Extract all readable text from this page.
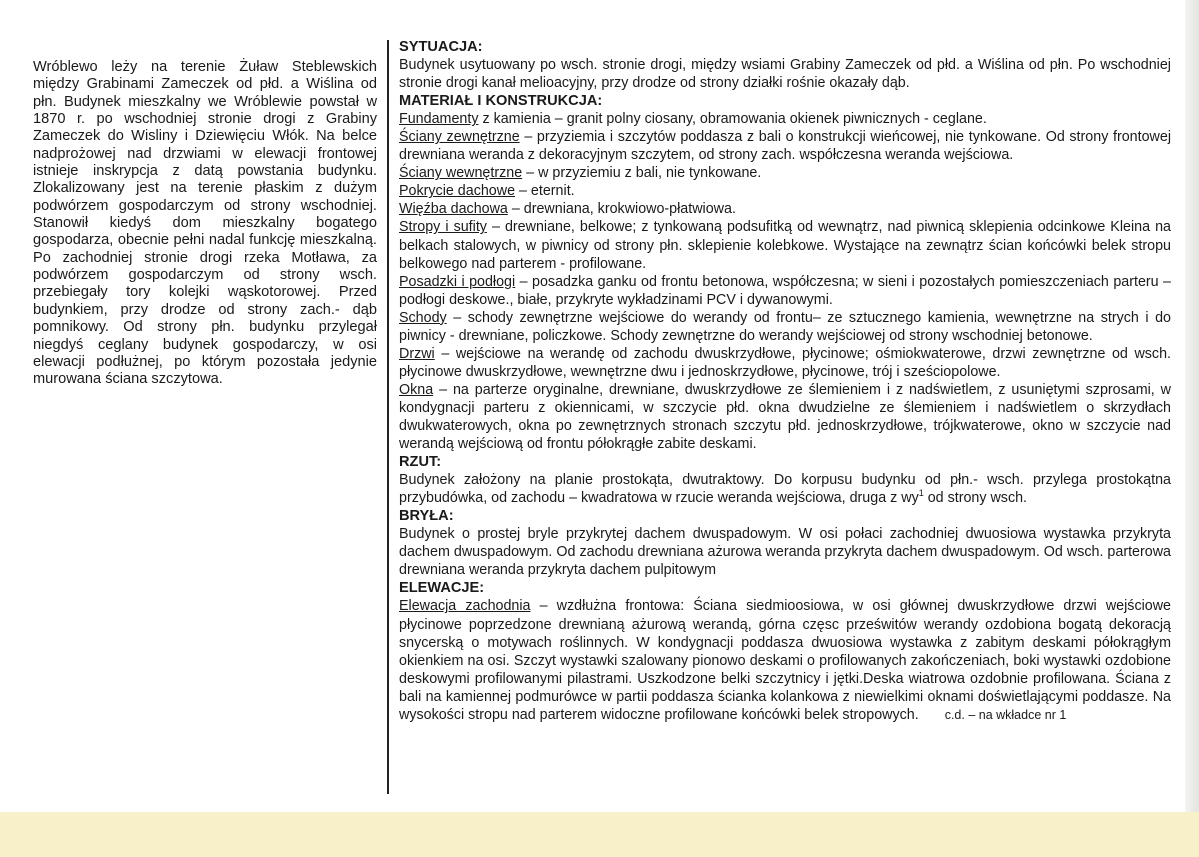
Wróblewo leży na terenie Żuław Steblewskich między Grabinami Zameczek od płd. a Wiślina od płn. Budynek mieszkalny we Wróblewie powstał w 1870 r. po wschodniej stronie drogi z Grabiny Zameczek do Wisliny i Dziewięciu Włók. Na belce nadprożowej nad drzwiami w elewacji frontowej istnieje inskrypcja z datą powstania budynku. Zlokalizowany jest na terenie płaskim z dużym podwórzem gospodarczym od strony wschodniej. Stanowił kiedyś dom mieszkalny bogatego gospodarza, obecnie pełni nadal funkcję mieszkalną. Po zachodniej stronie drogi rzeka Motława, za podwórzem gospodarczym od strony wsch. przebiegały tory kolejki wąskotorowej. Przed budynkiem, przy drodze od strony zach.- dąb pomnikowy. Od strony płn. budynku przylegał niegdyś ceglany budynek gospodarczy, w osi elewacji podłużnej, po którym pozostała jedynie murowana ściana szczytowa.

SYTUACJA:

Budynek usytuowany po wsch. stronie drogi, między wsiami Grabiny Zameczek od płd. a Wiślina od płn. Po wschodniej stronie drogi kanał melioacyjny, przy drodze od strony działki rośnie okazały dąb.

MATERIAŁ I KONSTRUKCJA:

Fundamenty z kamienia – granit polny ciosany, obramowania okienek piwnicznych - ceglane.

Ściany zewnętrzne – przyziemia i szczytów poddasza z bali o konstrukcji wieńcowej, nie tynkowane. Od strony frontowej drewniana weranda z dekoracyjnym szczytem, od strony zach. współczesna weranda wejściowa.

Ściany wewnętrzne – w przyziemiu z bali, nie tynkowane.

Pokrycie dachowe – eternit.

Więźba dachowa – drewniana, krokwiowo-płatwiowa.

Stropy i sufity – drewniane, belkowe; z tynkowaną podsufitką od wewnątrz, nad piwnicą sklepienia odcinkowe Kleina na belkach stalowych, w piwnicy od strony płn. sklepienie kolebkowe. Wystające na zewnątrz ścian końcówki belek stropu belkowego nad parterem - profilowane.

Posadzki i podłogi – posadzka ganku od frontu betonowa, współczesna; w sieni i pozostałych pomieszczeniach parteru – podłogi deskowe., białe, przykryte wykładzinami PCV i dywanowymi.

Schody – schody zewnętrzne wejściowe do werandy od frontu– ze sztucznego kamienia, wewnętrzne na strych i do piwnicy - drewniane, policzkowe. Schody zewnętrzne do werandy wejściowej od strony wschodniej betonowe.

Drzwi – wejściowe na werandę od zachodu dwuskrzydłowe, płycinowe; ośmiokwaterowe, drzwi zewnętrzne od wsch. płycinowe dwuskrzydłowe, wewnętrzne dwu i jednoskrzydłowe, płycinowe, trój i sześciopolowe.

Okna – na parterze oryginalne, drewniane, dwuskrzydłowe ze ślemieniem i z nadświetlem, z usuniętymi szprosami, w kondygnacji parteru z okiennicami, w szczycie płd. okna dwudzielne ze ślemieniem i nadświetlem o skrzydłach dwukwaterowych, okna po zewnętrznych stronach szczytu płd. jednoskrzydłowe, trójkwaterowe, okno w szczycie nad werandą wejściową od frontu półokrągłe zabite deskami.

RZUT:

Budynek założony na planie prostokąta, dwutraktowy. Do korpusu budynku od płn.- wsch. przylega prostokątna przybudówka, od zachodu – kwadratowa w rzucie weranda wejściowa, druga z $wy^1$ od strony wsch.

BRYŁA:

Budynek o prostej bryle przykrytej dachem dwuspadowym. W osi połaci zachodniej dwuosiowa wystawka przykryta dachem dwuspadowym. Od zachodu drewniana ażurowa weranda przykryta dachem dwuspadowym. Od wsch. parterowa drewniana weranda przykryta dachem pulpitowym

ELEWACJE:

Elewacja zachodnia – wzdłużna frontowa: Ściana siedmioosiowa, w osi głównej dwuskrzydłowe drzwi wejściowe płycinowe poprzedzone drewnianą ażurową werandą, górna częsc prześwitów werandy ozdobiona bogatą dekoracją snycerską o motywach roślinnych. W kondygnacji poddasza dwuosiowa wystawka z zabitym deskami półokrągłym okienkiem na osi. Szczyt wystawki szalowany pionowo deskami o profilowanych zakończeniach, boki wystawki ozdobione deskowymi profilowanymi pilastrami. Uszkodzone belki szczytnicy i jętki.Deska wiatrowa ozdobnie profilowana. Ściana z bali na kamiennej podmurówce w partii poddasza ściankа kolankowa z niewielkimi oknami doświetlającymi poddasze. Na wysokości stropu nad parterem widoczne profilowane końcówki belek stropowych. c.d. – na wkładce nr 1
